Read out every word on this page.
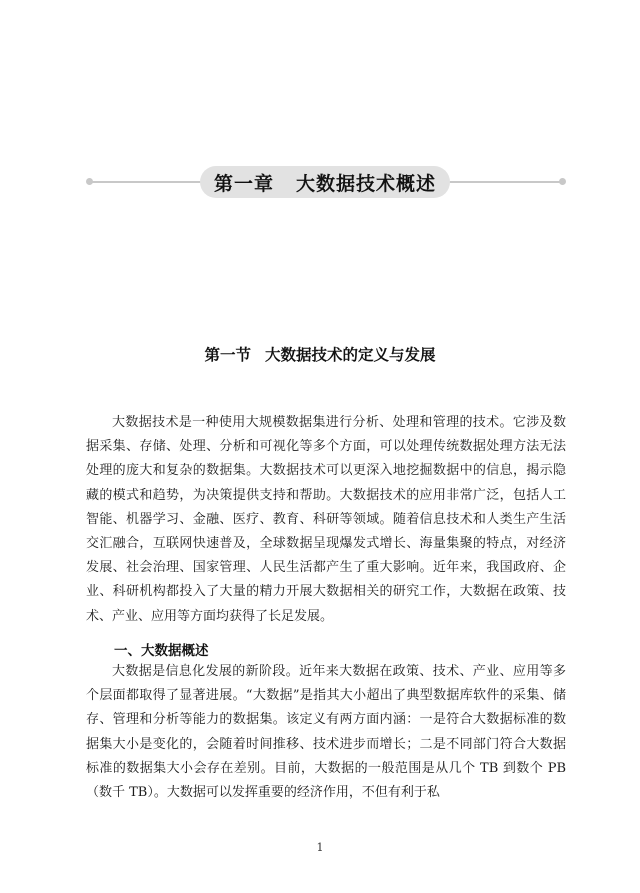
第一章 大数据技术概述
第一节 大数据技术的定义与发展

大数据技术是一种使用大规模数据集进行分析、处理和管理的技术。它涉及数据采集、存储、处理、分析和可视化等多个方面，可以处理传统数据处理方法无法处理的庞大和复杂的数据集。大数据技术可以更深入地挖掘数据中的信息，揭示隐藏的模式和趋势，为决策提供支持和帮助。大数据技术的应用非常广泛，包括人工智能、机器学习、金融、医疗、教育、科研等领域。随着信息技术和人类生产生活交汇融合，互联网快速普及，全球数据呈现爆发式增长、海量集聚的特点，对经济发展、社会治理、国家管理、人民生活都产生了重大影响。近年来，我国政府、企业、科研机构都投入了大量的精力开展大数据相关的研究工作，大数据在政策、技术、产业、应用等方面均获得了长足发展。

一、大数据概述

大数据是信息化发展的新阶段。近年来大数据在政策、技术、产业、应用等多个层面都取得了显著进展。“大数据”是指其大小超出了典型数据库软件的采集、储存、管理和分析等能力的数据集。该定义有两方面内涵：一是符合大数据标准的数据集大小是变化的，会随着时间推移、技术进步而增长；二是不同部门符合大数据标准的数据集大小会存在差别。目前，大数据的一般范围是从几个 TB 到数个 PB（数千 TB）。大数据可以发挥重要的经济作用，不但有利于私

1
